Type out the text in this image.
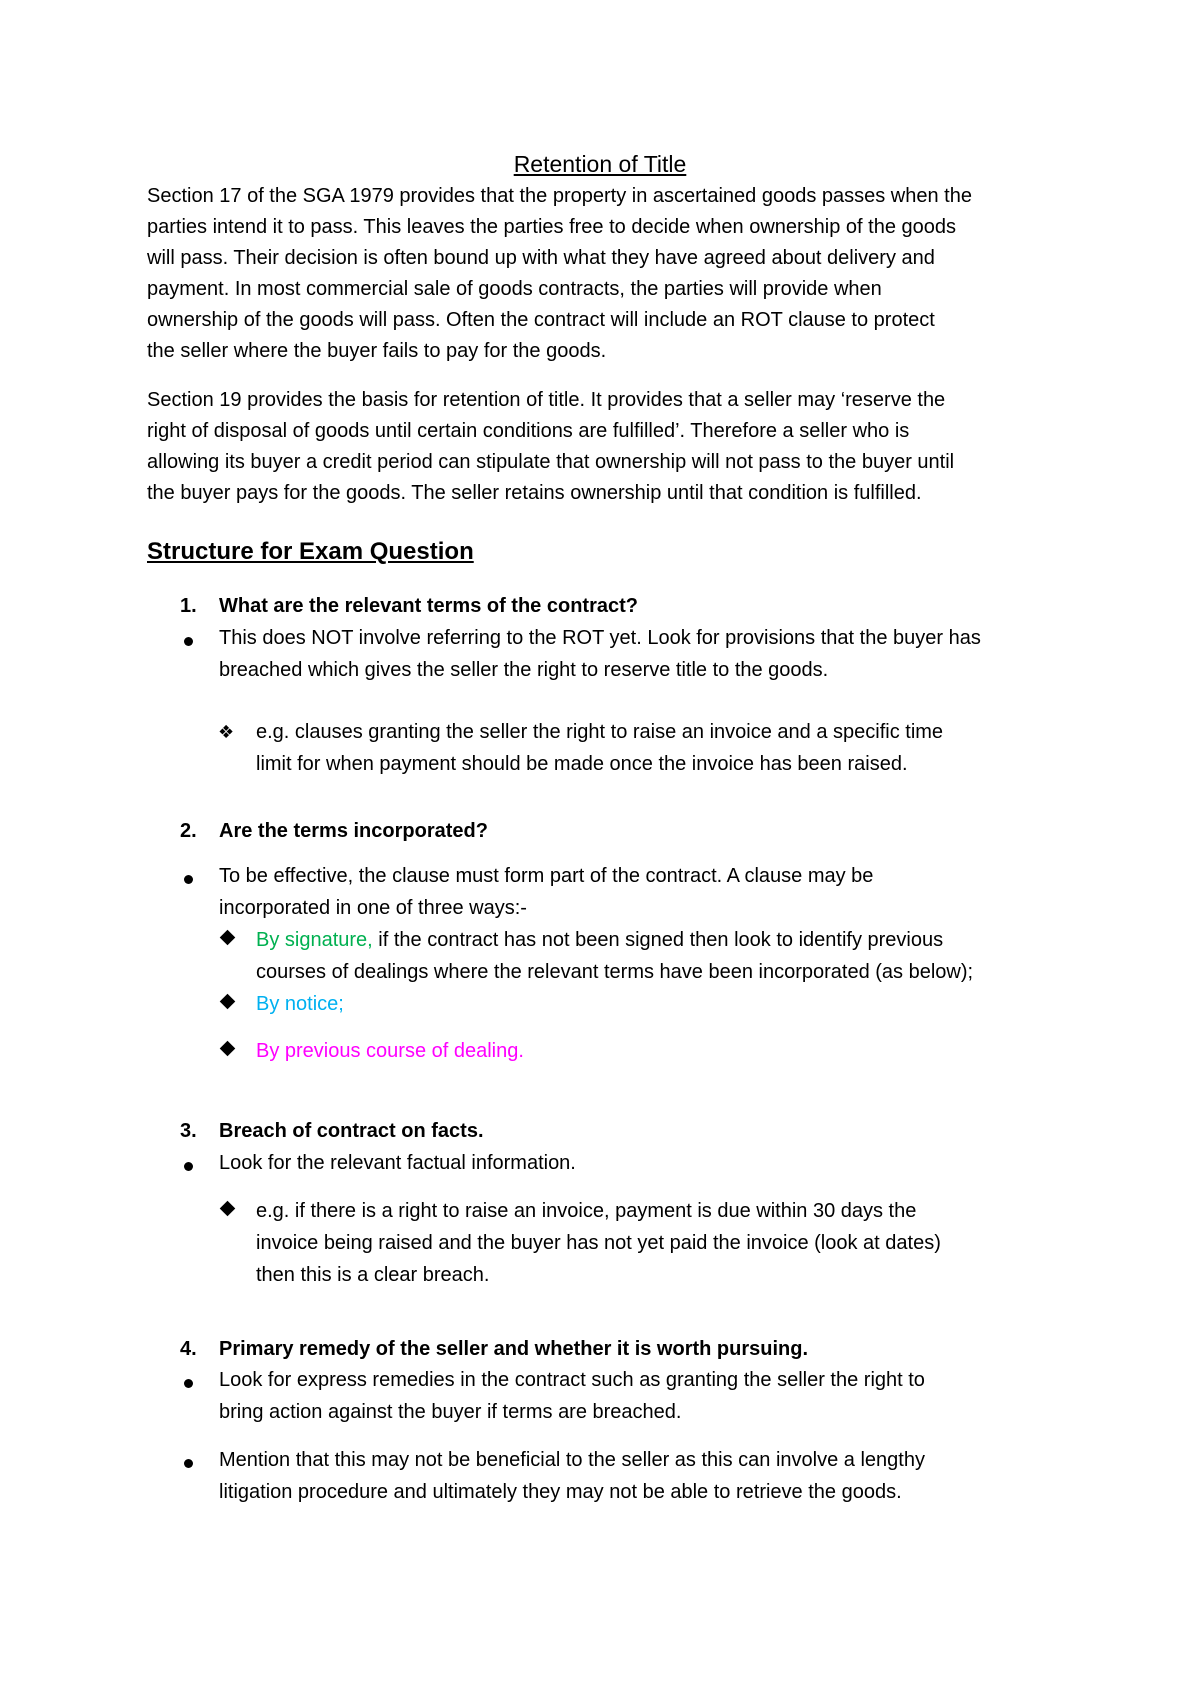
Retention of Title
Section 17 of the SGA 1979 provides that the property in ascertained goods passes when the
parties intend it to pass. This leaves the parties free to decide when ownership of the goods
will pass. Their decision is often bound up with what they have agreed about delivery and
payment. In most commercial sale of goods contracts, the parties will provide when
ownership of the goods will pass. Often the contract will include an ROT clause to protect
the seller where the buyer fails to pay for the goods.
Section 19 provides the basis for retention of title. It provides that a seller may ‘reserve the
right of disposal of goods until certain conditions are fulfilled’. Therefore a seller who is
allowing its buyer a credit period can stipulate that ownership will not pass to the buyer until
the buyer pays for the goods. The seller retains ownership until that condition is fulfilled.
Structure for Exam Question
1. What are the relevant terms of the contract?
This does NOT involve referring to the ROT yet. Look for provisions that the buyer has
breached which gives the seller the right to reserve title to the goods.
❖ e.g. clauses granting the seller the right to raise an invoice and a specific time
limit for when payment should be made once the invoice has been raised.
2. Are the terms incorporated?
To be effective, the clause must form part of the contract. A clause may be
incorporated in one of three ways:-
By signature, if the contract has not been signed then look to identify previous
courses of dealings where the relevant terms have been incorporated (as below);
By notice;
By previous course of dealing.
3. Breach of contract on facts.
Look for the relevant factual information.
e.g. if there is a right to raise an invoice, payment is due within 30 days the
invoice being raised and the buyer has not yet paid the invoice (look at dates)
then this is a clear breach.
4. Primary remedy of the seller and whether it is worth pursuing.
Look for express remedies in the contract such as granting the seller the right to
bring action against the buyer if terms are breached.
Mention that this may not be beneficial to the seller as this can involve a lengthy
litigation procedure and ultimately they may not be able to retrieve the goods.
